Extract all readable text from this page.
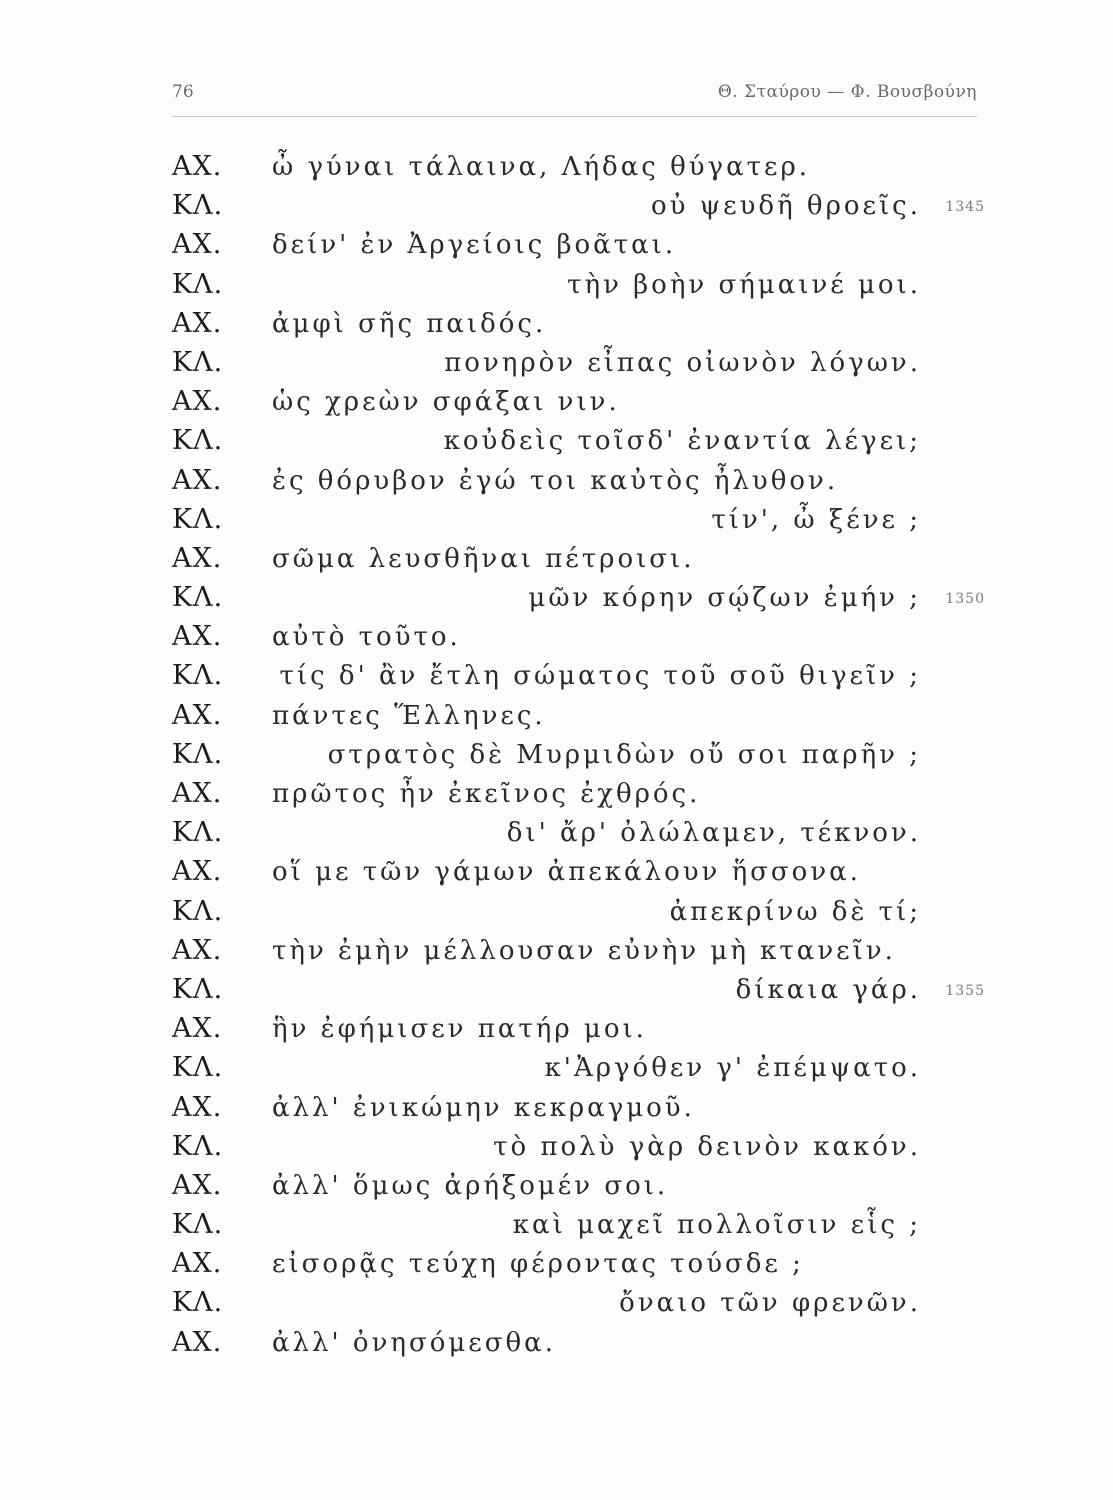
76	Θ. Σταύρου — Φ. Βουσβούνη
ΑΧ. ὦ γύναι τάλαινα, Λήδας θύγατερ.
ΚΛ.	οὐ ψευδῆ θροεῖς. 1345
ΑΧ. δείν' ἐν Ἀργείοις βοᾶται.
ΚΛ.	τὴν βοὴν σήμαινέ μοι.
ΑΧ. ἀμφὶ σῆς παιδός.
ΚΛ.	πονηρὸν εἶπας οἰωνὸν λόγων.
ΑΧ. ὡς χρεὼν σφάξαι νιν.
ΚΛ.	κοὐδεὶς τοῖσδ' ἐναντία λέγει;
ΑΧ. ἐς θόρυβον ἐγώ τοι καὐτὸς ἦλυθον.
ΚΛ.	τίν', ὦ ξένε ;
ΑΧ. σῶμα λευσθῆναι πέτροισι.
ΚΛ.	μῶν κόρην σῴζων ἐμήν ; 1350
ΑΧ. αὐτὸ τοῦτο.
ΚΛ. τίς δ' ἂν ἔτλη σώματος τοῦ σοῦ θιγεῖν ;
ΑΧ. πάντες Ἕλληνες.
ΚΛ.	στρατὸς δὲ Μυρμιδὼν οὔ σοι παρῆν ;
ΑΧ. πρῶτος ἦν ἐκεῖνος ἐχθρός.
ΚΛ.	δι' ἄρ' ὀλώλαμεν, τέκνον.
ΑΧ. οἵ με τῶν γάμων ἀπεκάλουν ἥσσονα.
ΚΛ.	ἀπεκρίνω δὲ τί;
ΑΧ. τὴν ἐμὴν μέλλουσαν εὐνὴν μὴ κτανεῖν.
ΚΛ.	δίκαια γάρ. 1355
ΑΧ. ἣν ἐφήμισεν πατήρ μοι.
ΚΛ.	κ'Ἀργόθεν γ' ἐπέμψατο.
ΑΧ. ἀλλ' ἐνικώμην κεκραγμοῦ.
ΚΛ.	τὸ πολὺ γὰρ δεινὸν κακόν.
ΑΧ. ἀλλ' ὅμως ἀρήξομέν σοι.
ΚΛ.	καὶ μαχεῖ πολλοῖσιν εἷς ;
ΑΧ. εἰσορᾷς τεύχη φέροντας τούσδε ;
ΚΛ.	ὄναιο τῶν φρενῶν.
ΑΧ. ἀλλ' ὀνησόμεσθα.
